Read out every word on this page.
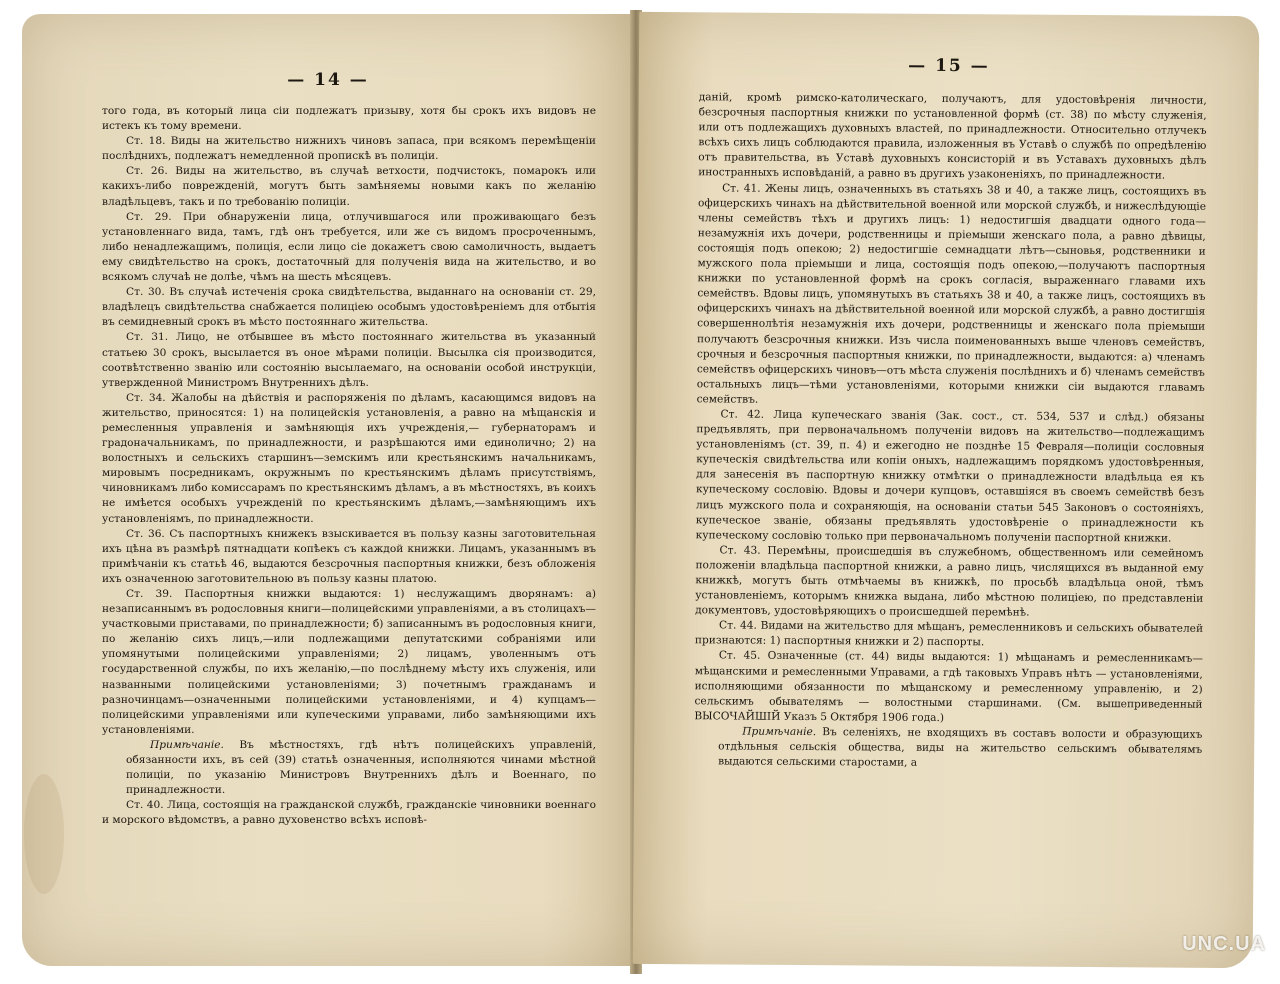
— 14 —

того года, въ который лица сіи подлежатъ призыву, хотя бы срокъ ихъ видовъ не истекъ къ тому времени.

Ст. 18. Виды на жительство нижнихъ чиновъ запаса, при всякомъ перемѣщеніи послѣднихъ, подлежатъ немедленной пропискѣ въ полиціи.

Ст. 26. Виды на жительство, въ случаѣ ветхости, подчистокъ, помарокъ или какихъ-либо поврежденій, могутъ быть замѣняемы новыми какъ по желанію владѣльцевъ, такъ и по требованію полиціи.

Ст. 29. При обнаруженіи лица, отлучившагося или проживающаго безъ установленнаго вида, тамъ, гдѣ онъ требуется, или же съ видомъ просроченнымъ, либо ненадлежащимъ, полиція, если лицо сіе докажетъ свою самоличность, выдаетъ ему свидѣтельство на срокъ, достаточный для полученія вида на жительство, и во всякомъ случаѣ не долѣе, чѣмъ на шесть мѣсяцевъ.

Ст. 30. Въ случаѣ истеченія срока свидѣтельства, выданнаго на основаніи ст. 29, владѣлецъ свидѣтельства снабжается полиціею особымъ удостовѣреніемъ для отбытія въ семидневный срокъ въ мѣсто постояннаго жительства.

Ст. 31. Лицо, не отбывшее въ мѣсто постояннаго жительства въ указанный статьею 30 срокъ, высылается въ оное мѣрами полиціи. Высылка сія производится, соотвѣтственно званію или состоянію высылаемаго, на основаніи особой инструкціи, утвержденной Министромъ Внутреннихъ дѣлъ.

Ст. 34. Жалобы на дѣйствія и распоряженія по дѣламъ, касающимся видовъ на жительство, приносятся: 1) на полицейскія установленія, а равно на мѣщанскія и ремесленныя управленія и замѣняющія ихъ учрежденія,— губернаторамъ и градоначальникамъ, по принадлежности, и разрѣшаются ими единолично; 2) на волостныхъ и сельскихъ старшинъ—земскимъ или крестьянскимъ начальникамъ, мировымъ посредникамъ, окружнымъ по крестьянскимъ дѣламъ присутствіямъ, чиновникамъ либо комиссарамъ по крестьянскимъ дѣламъ, а въ мѣстностяхъ, въ коихъ не имѣется особыхъ учрежденій по крестьянскимъ дѣламъ,—замѣняющимъ ихъ установленіямъ, по принадлежности.

Ст. 36. Съ паспортныхъ книжекъ взыскивается въ пользу казны заготовительная ихъ цѣна въ размѣрѣ пятнадцати копѣекъ съ каждой книжки. Лицамъ, указаннымъ въ примѣчаніи къ статьѣ 46, выдаются безсрочныя паспортныя книжки, безъ обложенія ихъ означенною заготовительною въ пользу казны платою.

Ст. 39. Паспортныя книжки выдаются: 1) неслужащимъ дворянамъ: а) незаписаннымъ въ родословныя книги—полицейскими управленіями, а въ столицахъ—участковыми приставами, по принадлежности; б) записаннымъ въ родословныя книги, по желанію сихъ лицъ,—или подлежащими депутатскими собраніями или упомянутыми полицейскими управленіями; 2) лицамъ, уволеннымъ отъ государственной службы, по ихъ желанію,—по послѣднему мѣсту ихъ служенія, или названными полицейскими установленіями; 3) почетнымъ гражданамъ и разночинцамъ—означенными полицейскими установленіями, и 4) купцамъ—полицейскими управленіями или купеческими управами, либо замѣняющими ихъ установленіями.

Примѣчаніе. Въ мѣстностяхъ, гдѣ нѣтъ полицейскихъ управленій, обязанности ихъ, въ сей (39) статьѣ означенныя, исполняются чинами мѣстной полиціи, по указанію Министровъ Внутреннихъ дѣлъ и Военнаго, по принадлежности.

Ст. 40. Лица, состоящія на гражданской службѣ, гражданскіе чиновники военнаго и морского вѣдомствъ, а равно духовенство всѣхъ исповѣ-

— 15 —

даній, кромѣ римско-католическаго, получаютъ, для удостовѣренія личности, безсрочныя паспортныя книжки по установленной формѣ (ст. 38) по мѣсту служенія, или отъ подлежащихъ духовныхъ властей, по принадлежности. Относительно отлучекъ всѣхъ сихъ лицъ соблюдаются правила, изложенныя въ Уставѣ о службѣ по опредѣленію отъ правительства, въ Уставѣ духовныхъ консисторій и въ Уставахъ духовныхъ дѣлъ иностранныхъ исповѣданій, а равно въ другихъ узаконеніяхъ, по принадлежности.

Ст. 41. Жены лицъ, означенныхъ въ статьяхъ 38 и 40, а также лицъ, состоящихъ въ офицерскихъ чинахъ на дѣйствительной военной или морской службѣ, и нижеслѣдующіе члены семействъ тѣхъ и другихъ лицъ: 1) недостигшія двадцати одного года—незамужнія ихъ дочери, родственницы и пріемыши женскаго пола, а равно дѣвицы, состоящія подъ опекою; 2) недостигшіе семнадцати лѣтъ—сыновья, родственники и мужского пола пріемыши и лица, состоящія подъ опекою,—получаютъ паспортныя книжки по установленной формѣ на срокъ согласія, выраженнаго главами ихъ семействъ. Вдовы лицъ, упомянутыхъ въ статьяхъ 38 и 40, а также лицъ, состоящихъ въ офицерскихъ чинахъ на дѣйствительной военной или морской службѣ, а равно достигшія совершеннолѣтія незамужнія ихъ дочери, родственницы и женскаго пола пріемыши получаютъ безсрочныя книжки. Изъ числа поименованныхъ выше членовъ семействъ, срочныя и безсрочныя паспортныя книжки, по принадлежности, выдаются: а) членамъ семействъ офицерскихъ чиновъ—отъ мѣста служенія послѣднихъ и б) членамъ семействъ остальныхъ лицъ—тѣми установленіями, которыми книжки сіи выдаются главамъ семействъ.

Ст. 42. Лица купеческаго званія (Зак. сост., ст. 534, 537 и слѣд.) обязаны предъявлять, при первоначальномъ полученіи видовъ на жительство—подлежащимъ установленіямъ (ст. 39, п. 4) и ежегодно не позднѣе 15 Февраля—полиціи сословныя купеческія свидѣтельства или копіи оныхъ, надлежащимъ порядкомъ удостовѣренныя, для занесенія въ паспортную книжку отмѣтки о принадлежности владѣльца ея къ купеческому сословію. Вдовы и дочери купцовъ, оставшіяся въ своемъ семействѣ безъ лицъ мужского пола и сохраняющія, на основаніи статьи 545 Законовъ о состояніяхъ, купеческое званіе, обязаны предъявлять удостовѣреніе о принадлежности къ купеческому сословію только при первоначальномъ полученіи паспортной книжки.

Ст. 43. Перемѣны, происшедшія въ служебномъ, общественномъ или семейномъ положеніи владѣльца паспортной книжки, а равно лицъ, числящихся въ выданной ему книжкѣ, могутъ быть отмѣчаемы въ книжкѣ, по просьбѣ владѣльца оной, тѣмъ установленіемъ, которымъ книжка выдана, либо мѣстною полиціею, по представленіи документовъ, удостовѣряющихъ о происшедшей перемѣнѣ.

Ст. 44. Видами на жительство для мѣщанъ, ремесленниковъ и сельскихъ обывателей признаются: 1) паспортныя книжки и 2) паспорты.

Ст. 45. Означенные (ст. 44) виды выдаются: 1) мѣщанамъ и ремесленникамъ—мѣщанскими и ремесленными Управами, а гдѣ таковыхъ Управъ нѣтъ — установленіями, исполняющими обязанности по мѣщанскому и ремесленному управленію, и 2) сельскимъ обывателямъ — волостными старшинами. (См. вышеприведенный ВЫСОЧАЙШІЙ Указъ 5 Октября 1906 года.)

Примѣчаніе. Въ селеніяхъ, не входящихъ въ составъ волости и образующихъ отдѣльныя сельскія общества, виды на жительство сельскимъ обывателямъ выдаются сельскими старостами, а

UNC.UA
